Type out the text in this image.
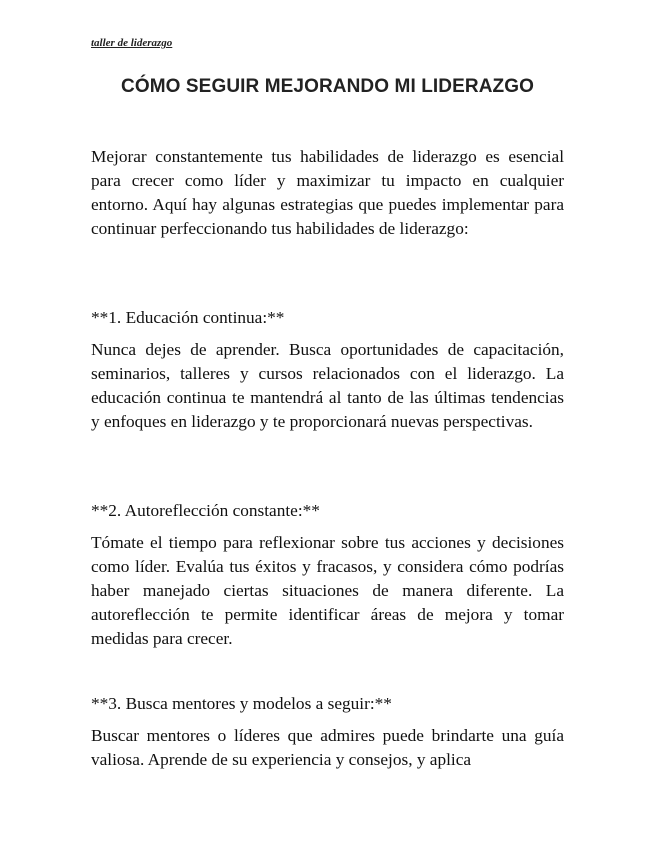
taller de liderazgo
CÓMO SEGUIR MEJORANDO MI LIDERAZGO

Mejorar constantemente tus habilidades de liderazgo es esencial para crecer como líder y maximizar tu impacto en cualquier entorno. Aquí hay algunas estrategias que puedes implementar para continuar perfeccionando tus habilidades de liderazgo:

**1. Educación continua:**

Nunca dejes de aprender. Busca oportunidades de capacitación, seminarios, talleres y cursos relacionados con el liderazgo. La educación continua te mantendrá al tanto de las últimas tendencias y enfoques en liderazgo y te proporcionará nuevas perspectivas.

**2. Autoreflección constante:**

Tómate el tiempo para reflexionar sobre tus acciones y decisiones como líder. Evalúa tus éxitos y fracasos, y considera cómo podrías haber manejado ciertas situaciones de manera diferente. La autoreflección te permite identificar áreas de mejora y tomar medidas para crecer.

**3. Busca mentores y modelos a seguir:**

Buscar mentores o líderes que admires puede brindarte una guía valiosa. Aprende de su experiencia y consejos, y aplica
